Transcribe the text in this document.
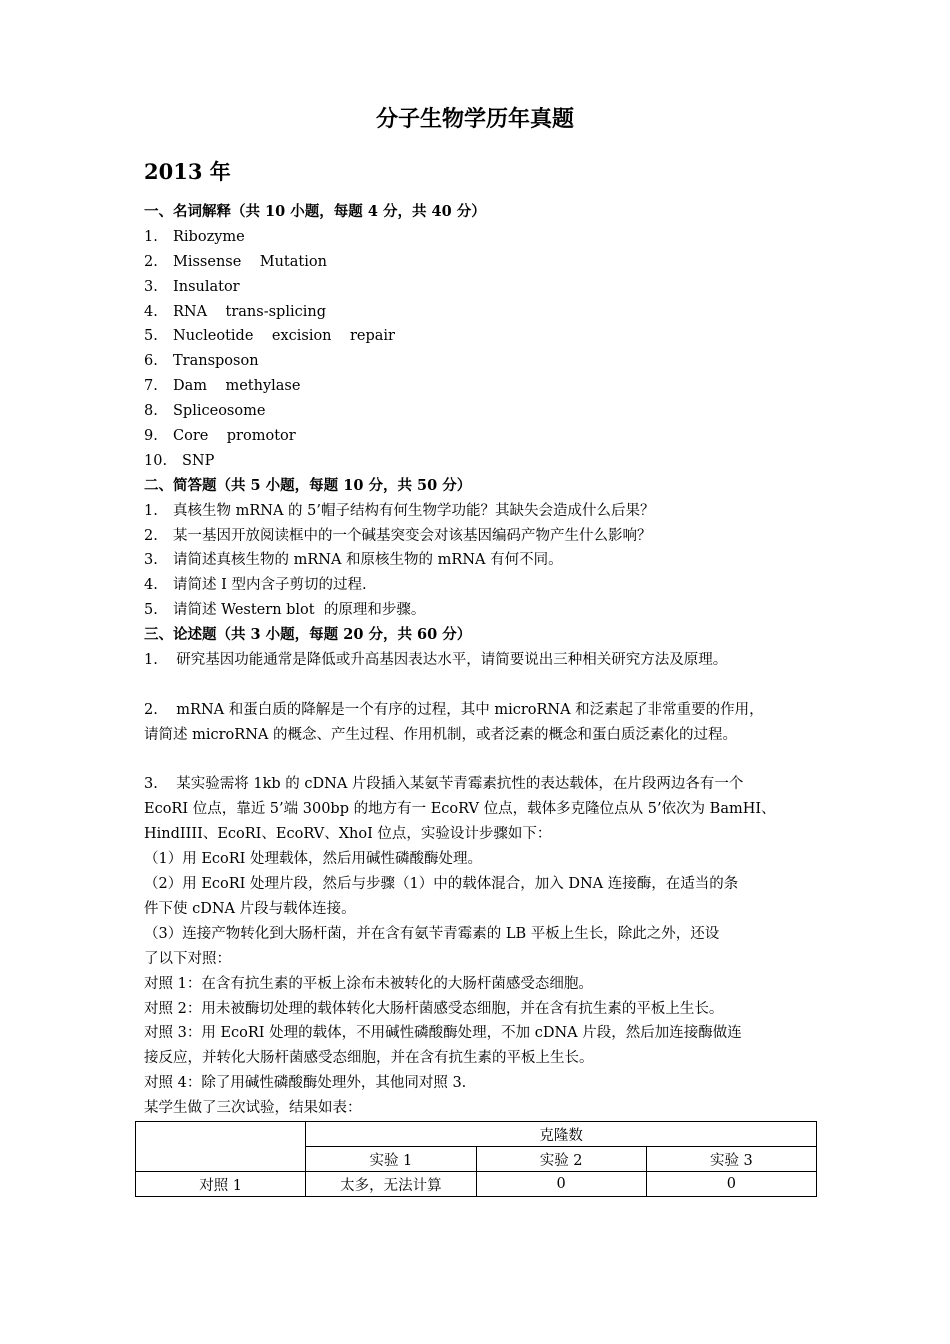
分子生物学历年真题
2013 年
一、名词解释（共 10 小题，每题 4 分，共 40 分）
1. Ribozyme
2. Missense    Mutation
3. Insulator
4. RNA    trans-splicing
5. Nucleotide    excision    repair
6. Transposon
7. Dam    methylase
8. Spliceosome
9. Core    promotor
10. SNP
二、简答题（共 5 小题，每题 10 分，共 50 分）
1. 真核生物 mRNA 的 5’帽子结构有何生物学功能？其缺失会造成什么后果？
2. 某一基因开放阅读框中的一个碱基突变会对该基因编码产物产生什么影响？
3. 请简述真核生物的 mRNA 和原核生物的 mRNA 有何不同。
4. 请简述 I 型内含子剪切的过程.
5. 请简述 Western blot  的原理和步骤。
三、论述题（共 3 小题，每题 20 分，共 60 分）
1.    研究基因功能通常是降低或升高基因表达水平，请简要说出三种相关研究方法及原理。
2.    mRNA 和蛋白质的降解是一个有序的过程，其中 microRNA 和泛素起了非常重要的作用，
请简述 microRNA 的概念、产生过程、作用机制，或者泛素的概念和蛋白质泛素化的过程。
3.    某实验需将 1kb 的 cDNA 片段插入某氨苄青霉素抗性的表达载体，在片段两边各有一个
EcoRI 位点，靠近 5’端 300bp 的地方有一 EcoRV 位点，载体多克隆位点从 5’依次为 BamHI、
HindIIII、EcoRI、EcoRV、XhoI 位点，实验设计步骤如下：
（1）用 EcoRI 处理载体，然后用碱性磷酸酶处理。
（2）用 EcoRI 处理片段，然后与步骤（1）中的载体混合，加入 DNA 连接酶，在适当的条
件下使 cDNA 片段与载体连接。
（3）连接产物转化到大肠杆菌，并在含有氨苄青霉素的 LB 平板上生长，除此之外，还设
了以下对照：
对照 1：在含有抗生素的平板上涂布未被转化的大肠杆菌感受态细胞。
对照 2：用未被酶切处理的载体转化大肠杆菌感受态细胞，并在含有抗生素的平板上生长。
对照 3：用 EcoRI 处理的载体，不用碱性磷酸酶处理，不加 cDNA 片段，然后加连接酶做连
接反应，并转化大肠杆菌感受态细胞，并在含有抗生素的平板上生长。
对照 4：除了用碱性磷酸酶处理外，其他同对照 3.
某学生做了三次试验，结果如表：
	克隆数		
	实验 1	实验 2	实验 3
对照 1	太多，无法计算	0	0
